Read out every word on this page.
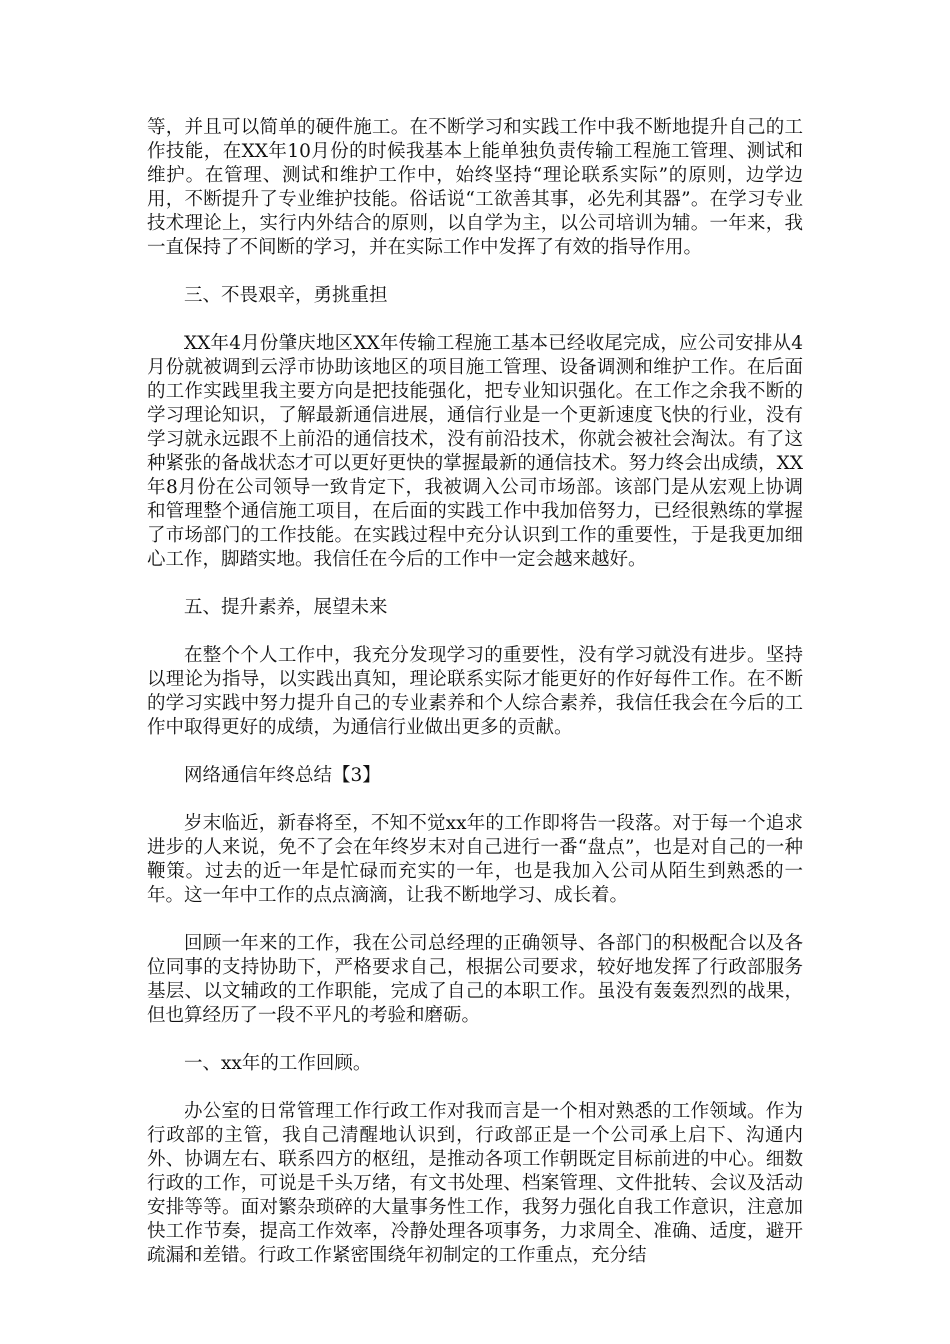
等，并且可以简单的硬件施工。在不断学习和实践工作中我不断地提升自己的工作技能，在XX年10月份的时候我基本上能单独负责传输工程施工管理、测试和维护。在管理、测试和维护工作中，始终坚持“理论联系实际”的原则，边学边用，不断提升了专业维护技能。俗话说“工欲善其事，必先利其器”。在学习专业技术理论上，实行内外结合的原则，以自学为主，以公司培训为辅。一年来，我一直保持了不间断的学习，并在实际工作中发挥了有效的指导作用。

三、不畏艰辛，勇挑重担

XX年4月份肇庆地区XX年传输工程施工基本已经收尾完成，应公司安排从4月份就被调到云浮市协助该地区的项目施工管理、设备调测和维护工作。在后面的工作实践里我主要方向是把技能强化，把专业知识强化。在工作之余我不断的学习理论知识，了解最新通信进展，通信行业是一个更新速度飞快的行业，没有学习就永远跟不上前沿的通信技术，没有前沿技术，你就会被社会淘汰。有了这种紧张的备战状态才可以更好更快的掌握最新的通信技术。努力终会出成绩，XX年8月份在公司领导一致肯定下，我被调入公司市场部。该部门是从宏观上协调和管理整个通信施工项目，在后面的实践工作中我加倍努力，已经很熟练的掌握了市场部门的工作技能。在实践过程中充分认识到工作的重要性，于是我更加细心工作，脚踏实地。我信任在今后的工作中一定会越来越好。

五、提升素养，展望未来

在整个个人工作中，我充分发现学习的重要性，没有学习就没有进步。坚持以理论为指导，以实践出真知，理论联系实际才能更好的作好每件工作。在不断的学习实践中努力提升自己的专业素养和个人综合素养，我信任我会在今后的工作中取得更好的成绩，为通信行业做出更多的贡献。

网络通信年终总结【3】

岁末临近，新春将至，不知不觉xx年的工作即将告一段落。对于每一个追求进步的人来说，免不了会在年终岁末对自己进行一番“盘点”，也是对自己的一种鞭策。过去的近一年是忙碌而充实的一年，也是我加入公司从陌生到熟悉的一年。这一年中工作的点点滴滴，让我不断地学习、成长着。

回顾一年来的工作，我在公司总经理的正确领导、各部门的积极配合以及各位同事的支持协助下，严格要求自己，根据公司要求，较好地发挥了行政部服务基层、以文辅政的工作职能，完成了自己的本职工作。虽没有轰轰烈烈的战果，但也算经历了一段不平凡的考验和磨砺。

一、xx年的工作回顾。

办公室的日常管理工作行政工作对我而言是一个相对熟悉的工作领域。作为行政部的主管，我自己清醒地认识到，行政部正是一个公司承上启下、沟通内外、协调左右、联系四方的枢纽，是推动各项工作朝既定目标前进的中心。细数行政的工作，可说是千头万绪，有文书处理、档案管理、文件批转、会议及活动安排等等。面对繁杂琐碎的大量事务性工作，我努力强化自我工作意识，注意加快工作节奏，提高工作效率，冷静处理各项事务，力求周全、准确、适度，避开疏漏和差错。行政工作紧密围绕年初制定的工作重点，充分结
